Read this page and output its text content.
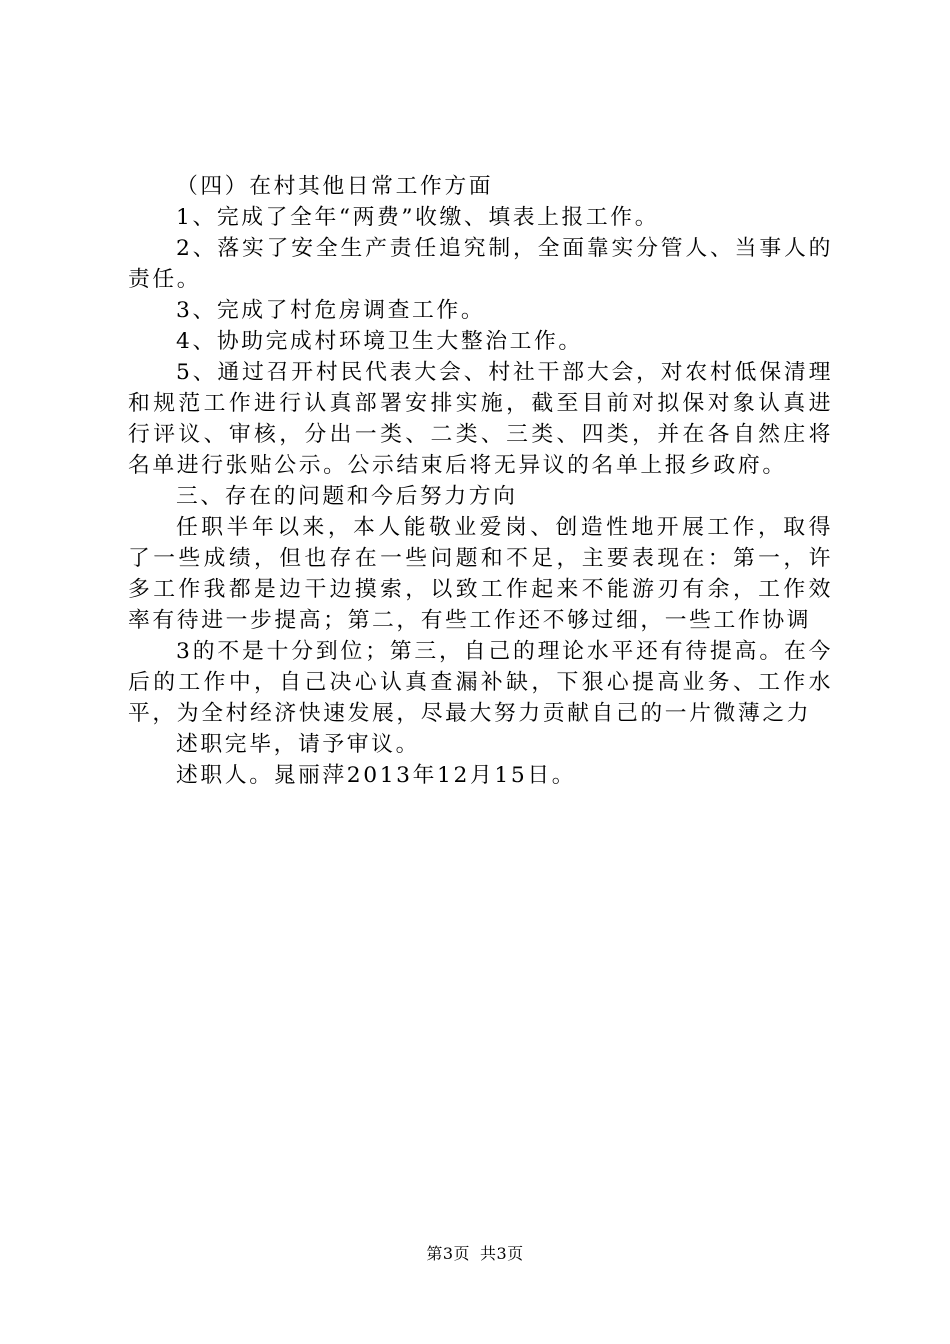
（四）在村其他日常工作方面

1、完成了全年“两费”收缴、填表上报工作。

2、落实了安全生产责任追究制，全面靠实分管人、当事人的责任。

3、完成了村危房调查工作。

4、协助完成村环境卫生大整治工作。

5、通过召开村民代表大会、村社干部大会，对农村低保清理和规范工作进行认真部署安排实施，截至目前对拟保对象认真进行评议、审核，分出一类、二类、三类、四类，并在各自然庄将名单进行张贴公示。公示结束后将无异议的名单上报乡政府。

三、存在的问题和今后努力方向

任职半年以来，本人能敬业爱岗、创造性地开展工作，取得了一些成绩，但也存在一些问题和不足，主要表现在：第一，许多工作我都是边干边摸索，以致工作起来不能游刃有余，工作效率有待进一步提高；第二，有些工作还不够过细，一些工作协调

3的不是十分到位；第三，自己的理论水平还有待提高。在今后的工作中，自己决心认真查漏补缺，下狠心提高业务、工作水平，为全村经济快速发展，尽最大努力贡献自己的一片微薄之力

述职完毕，请予审议。

述职人。晁丽萍2013年12月15日。

第3页 共3页
